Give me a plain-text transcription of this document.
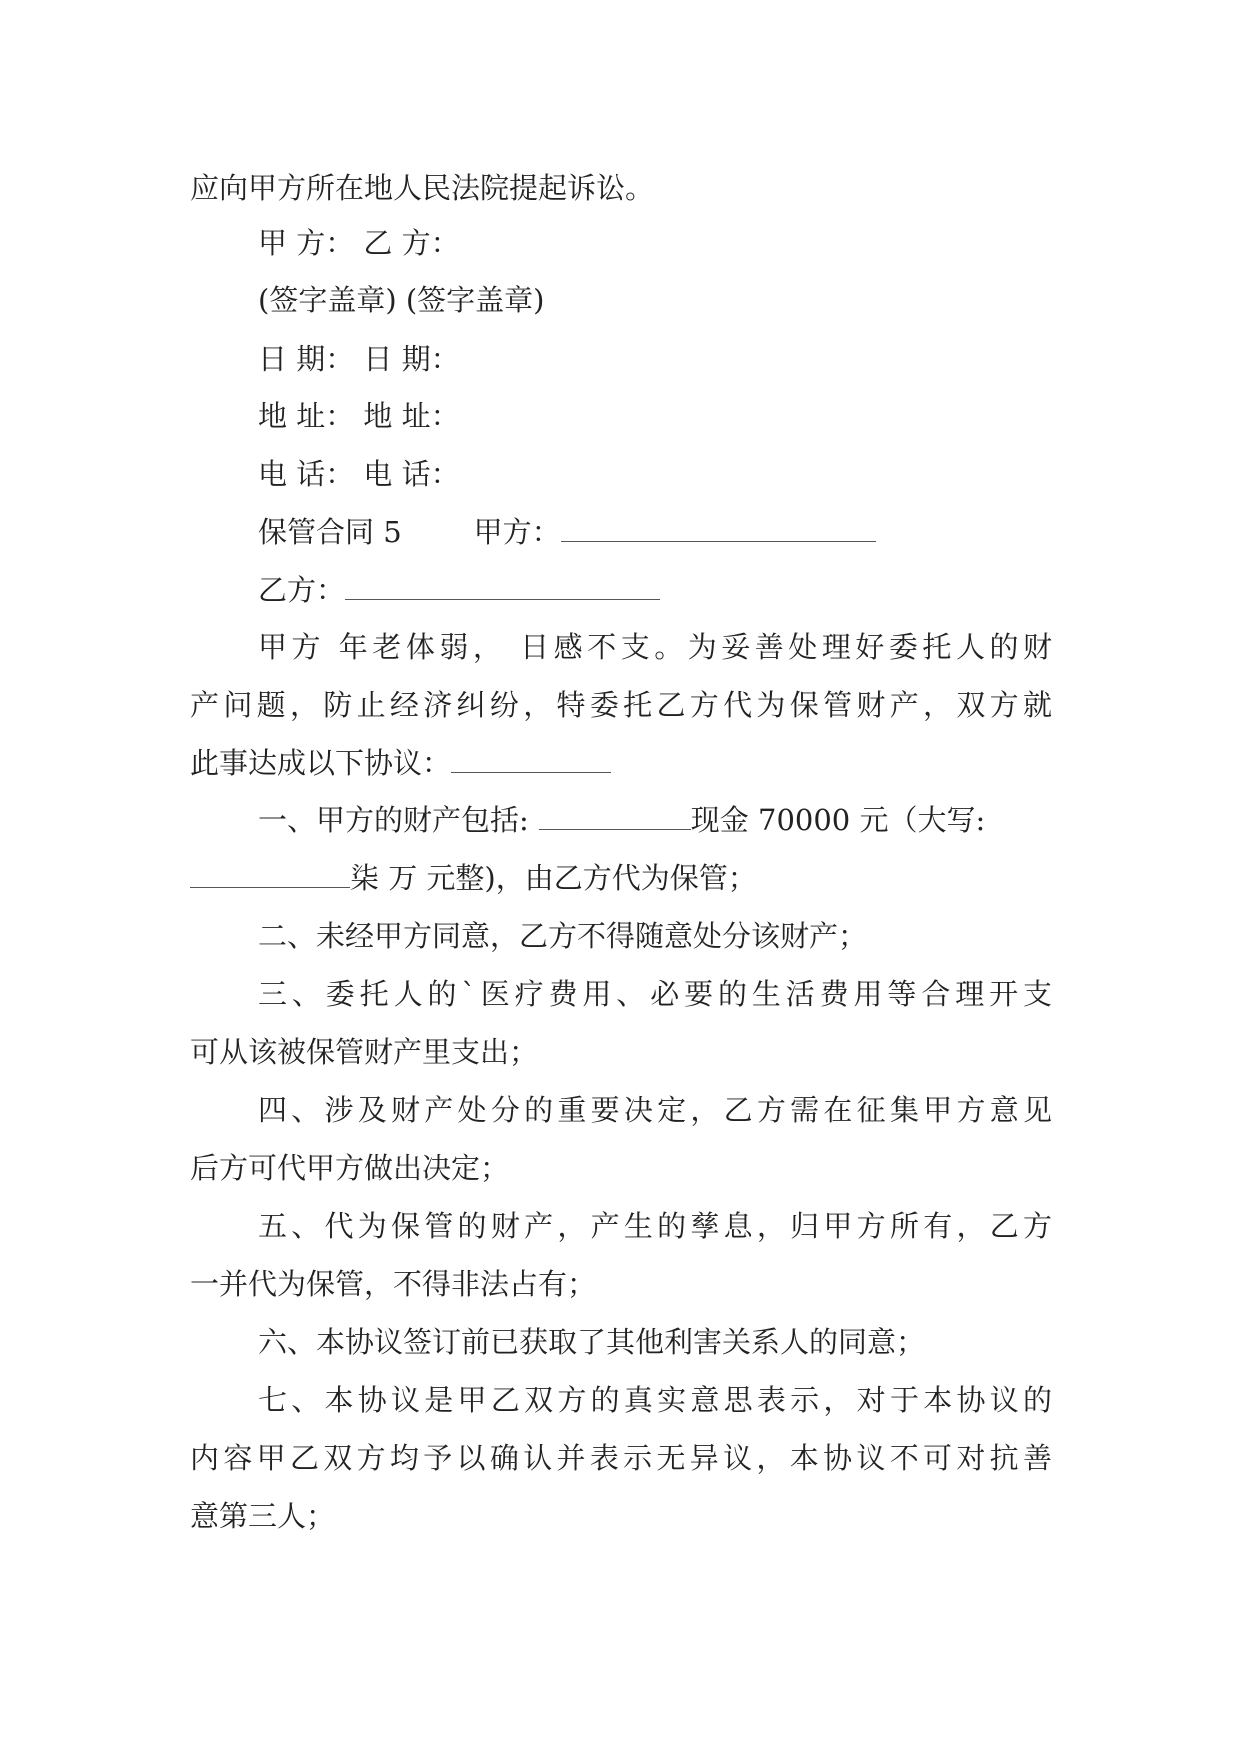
应向甲方所在地人民法院提起诉讼。
甲 方： 乙 方：
(签字盖章) (签字盖章)
日 期： 日 期：
地 址： 地 址：
电 话： 电 话：
保管合同 5 甲方：
乙方：
甲方 年老体弱， 日感不支。为妥善处理好委托人的财
产问题，防止经济纠纷，特委托乙方代为保管财产，双方就
此事达成以下协议：
一、甲方的财产包括:	现金 70000 元（大写:
柒 万 元整)，由乙方代为保管；
二、未经甲方同意，乙方不得随意处分该财产；
三、委托人的`医疗费用、必要的生活费用等合理开支
可从该被保管财产里支出；
四、涉及财产处分的重要决定，乙方需在征集甲方意见
后方可代甲方做出决定；
五、代为保管的财产，产生的孳息，归甲方所有，乙方
一并代为保管，不得非法占有；
六、本协议签订前已获取了其他利害关系人的同意；
七、本协议是甲乙双方的真实意思表示，对于本协议的
内容甲乙双方均予以确认并表示无异议，本协议不可对抗善
意第三人；
